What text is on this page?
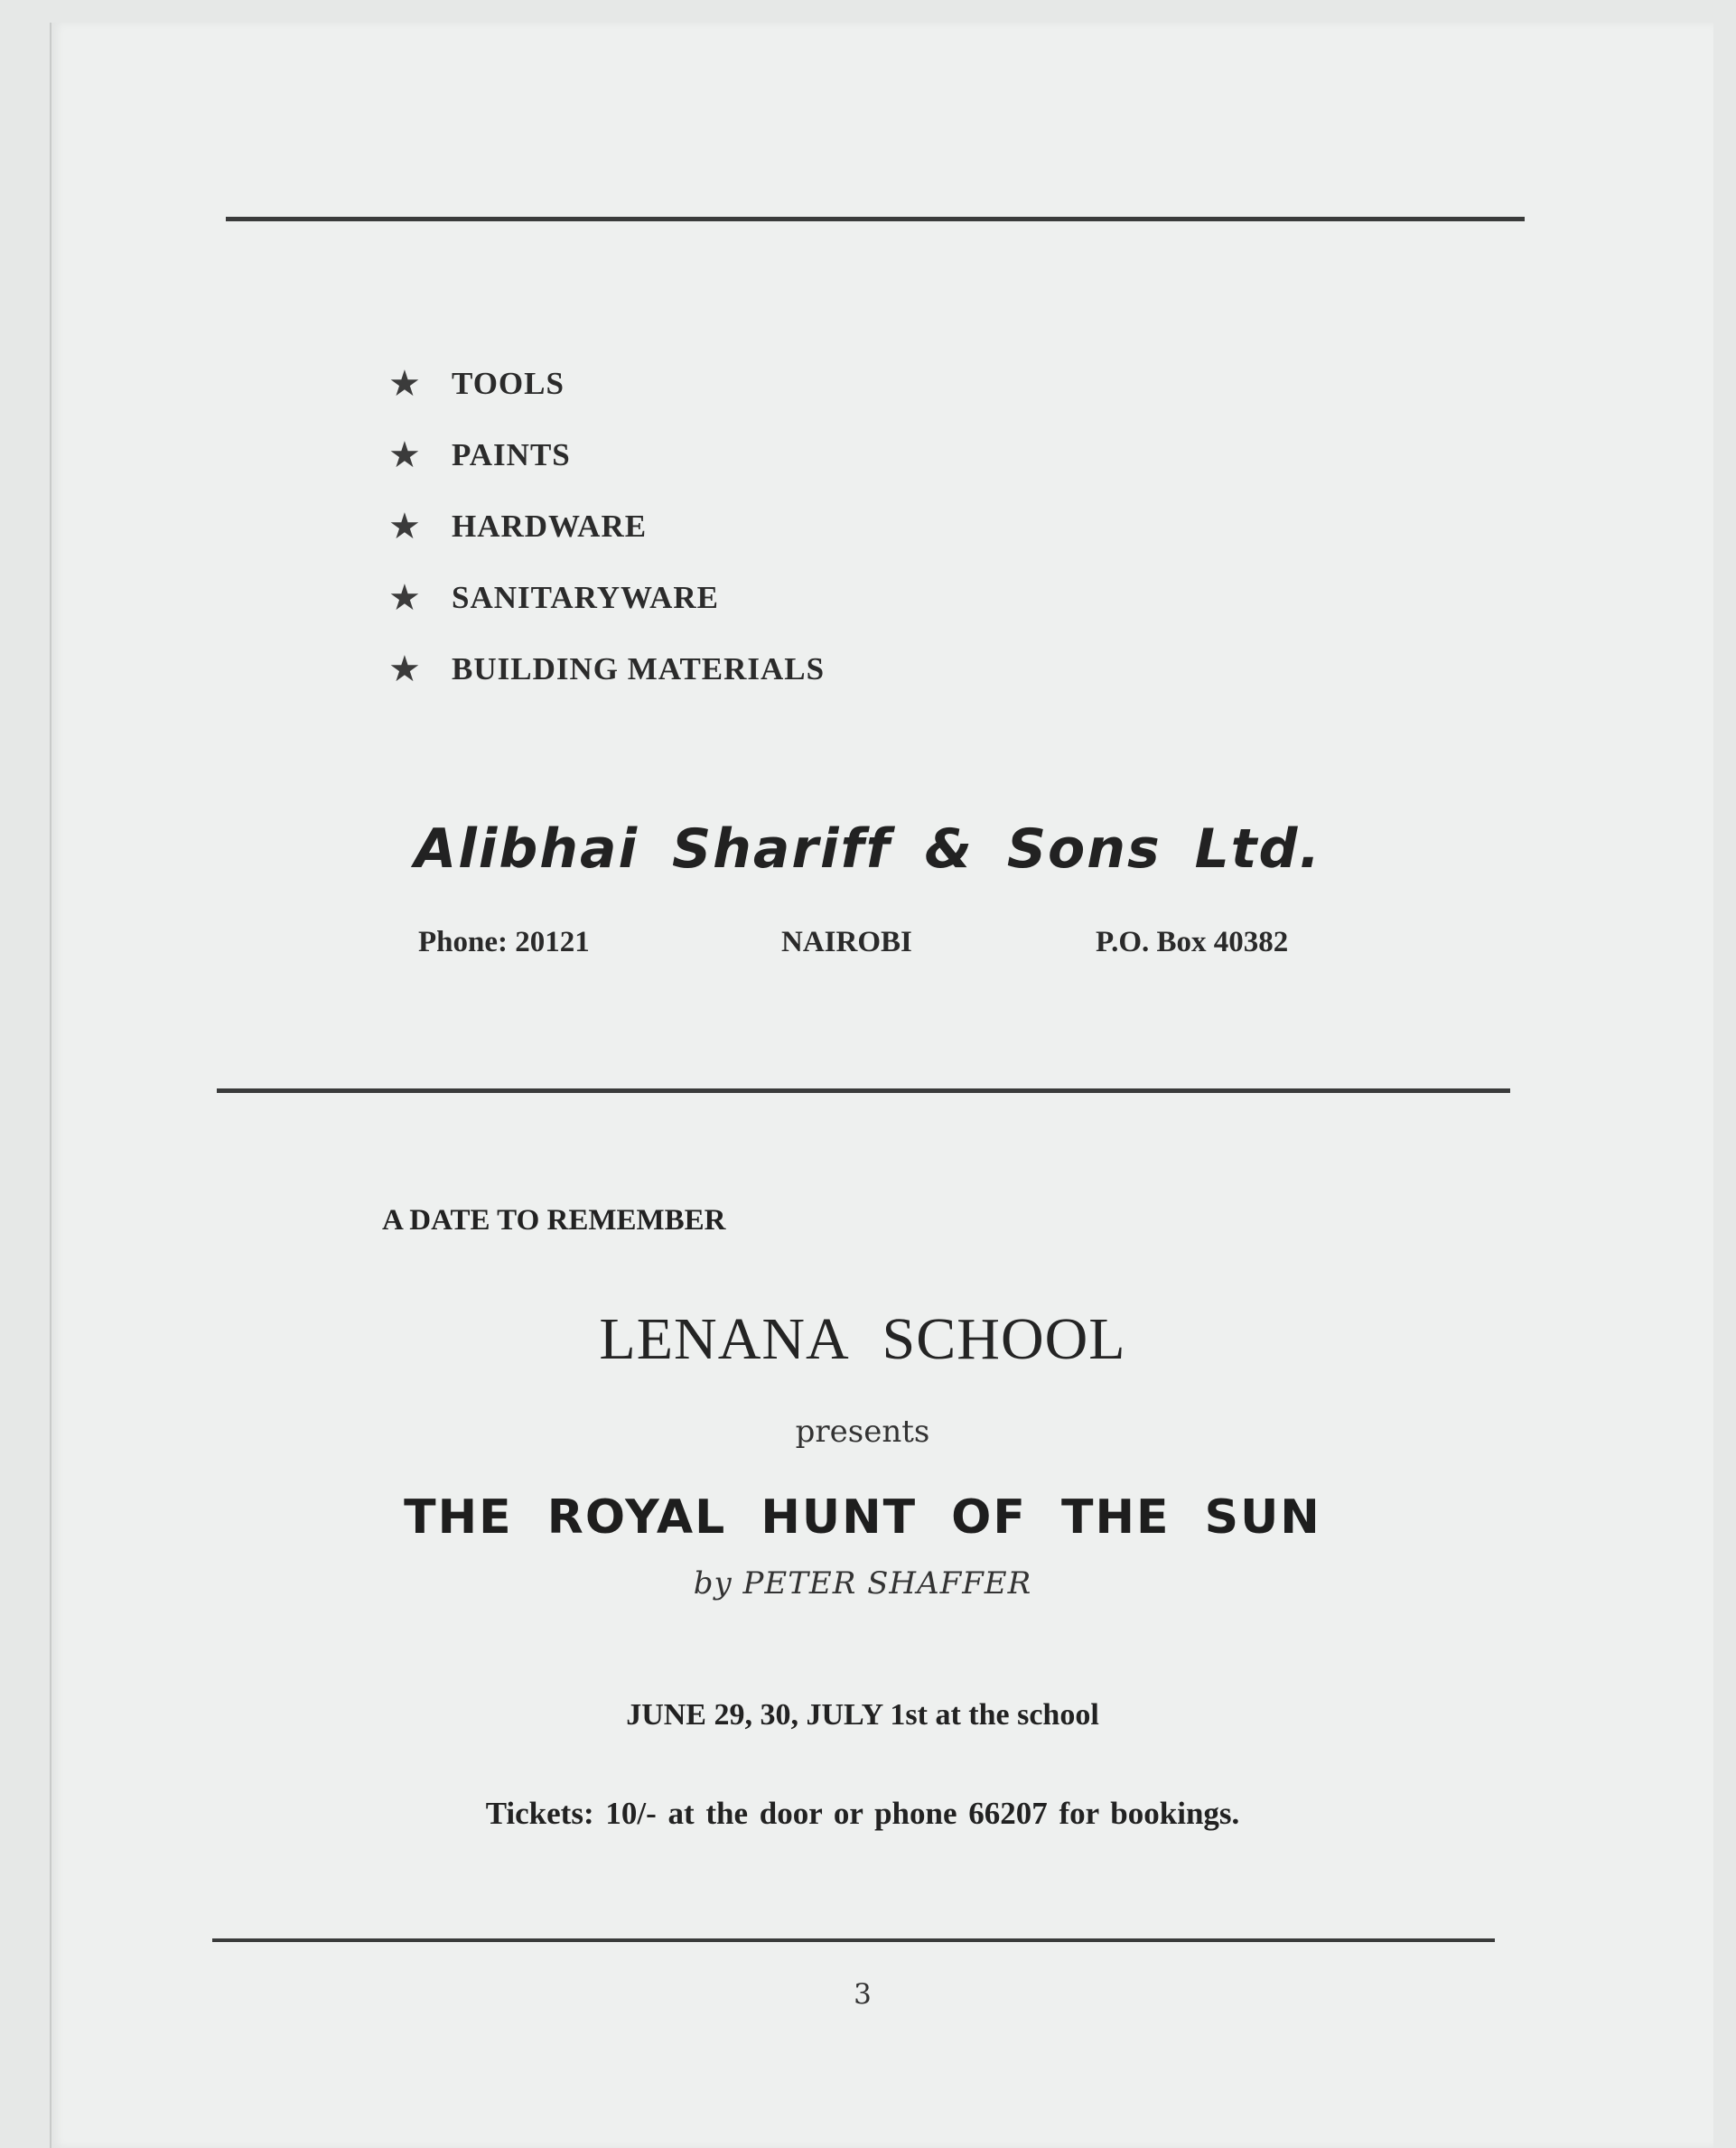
★ TOOLS
★ PAINTS
★ HARDWARE
★ SANITARYWARE
★ BUILDING MATERIALS
Alibhai Shariff & Sons Ltd.
Phone: 20121	NAIROBI	P.O. Box 40382
A DATE TO REMEMBER
LENANA SCHOOL
presents
THE ROYAL HUNT OF THE SUN
by PETER SHAFFER
JUNE 29, 30, JULY 1st at the school
Tickets: 10/- at the door or phone 66207 for bookings.
3
